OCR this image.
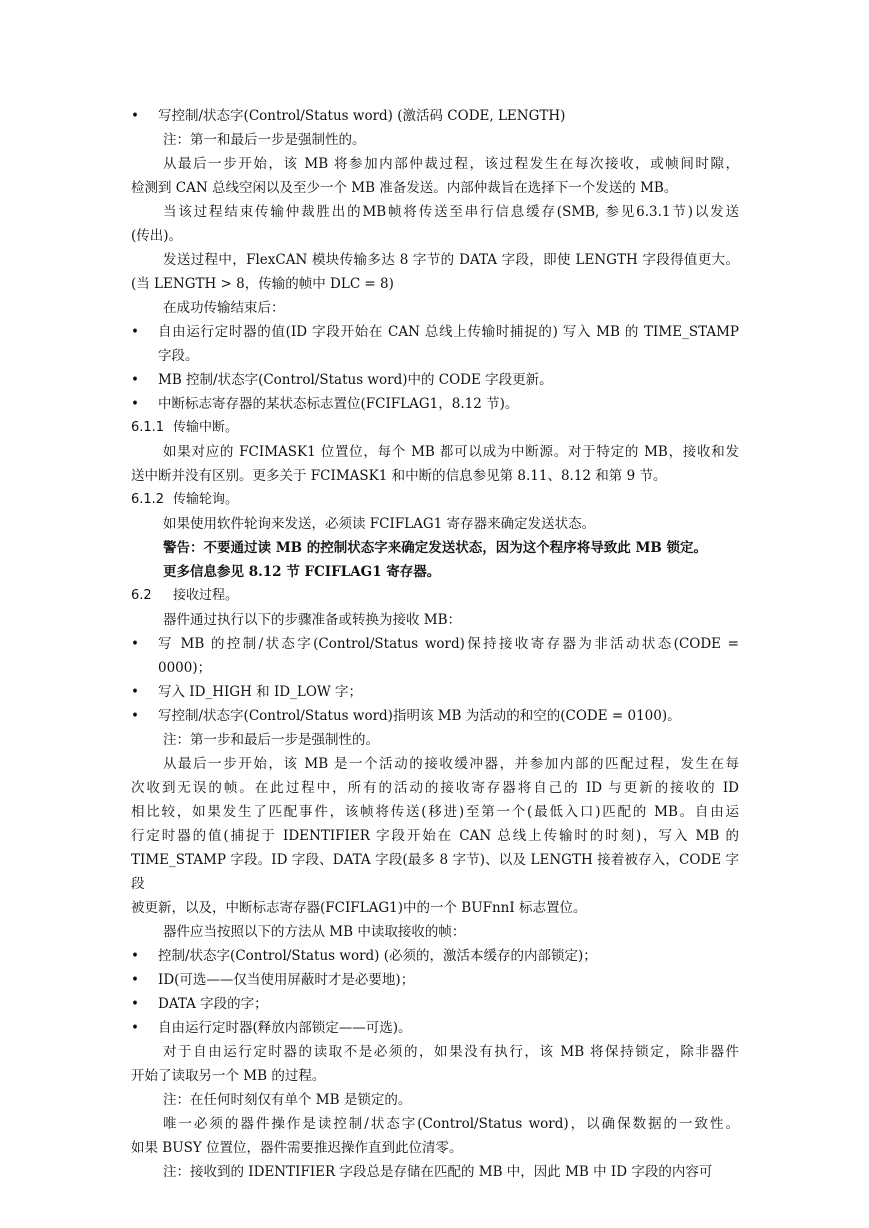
• 写控制/状态字(Control/Status word) (激活码 CODE, LENGTH)
注：第一和最后一步是强制性的。
从最后一步开始，该 MB 将参加内部仲裁过程，该过程发生在每次接收，或帧间时隙，
检测到 CAN 总线空闲以及至少一个 MB 准备发送。内部仲裁旨在选择下一个发送的 MB。
当该过程结束传输仲裁胜出的MB帧将传送至串行信息缓存(SMB, 参见6.3.1节)以发送
(传出)。
发送过程中，FlexCAN 模块传输多达 8 字节的 DATA 字段，即使 LENGTH 字段得值更大。
(当 LENGTH > 8，传输的帧中 DLC = 8)
在成功传输结束后：
• 自由运行定时器的值(ID 字段开始在 CAN 总线上传输时捕捉的) 写入 MB 的 TIME_STAMP
字段。
• MB 控制/状态字(Control/Status word)中的 CODE 字段更新。
• 中断标志寄存器的某状态标志置位(FCIFLAG1，8.12 节)。
6.1.1 传输中断。
如果对应的 FCIMASK1 位置位，每个 MB 都可以成为中断源。对于特定的 MB，接收和发
送中断并没有区别。更多关于 FCIMASK1 和中断的信息参见第 8.11、8.12 和第 9 节。
6.1.2 传输轮询。
如果使用软件轮询来发送，必须读 FCIFLAG1 寄存器来确定发送状态。
警告：不要通过读 MB 的控制状态字来确定发送状态，因为这个程序将导致此 MB 锁定。
更多信息参见 8.12 节 FCIFLAG1 寄存器。
6.2 接收过程。
器件通过执行以下的步骤准备或转换为接收 MB：
• 写 MB 的控制/状态字(Control/Status word)保持接收寄存器为非活动状态(CODE =
0000)；
• 写入 ID_HIGH 和 ID_LOW 字；
• 写控制/状态字(Control/Status word)指明该 MB 为活动的和空的(CODE = 0100)。
注：第一步和最后一步是强制性的。
从最后一步开始，该 MB 是一个活动的接收缓冲器，并参加内部的匹配过程，发生在每
次收到无误的帧。在此过程中，所有的活动的接收寄存器将自己的 ID 与更新的接收的 ID
相比较，如果发生了匹配事件，该帧将传送(移进)至第一个(最低入口)匹配的 MB。自由运
行定时器的值(捕捉于 IDENTIFIER 字段开始在 CAN 总线上传输时的时刻)，写入 MB 的
TIME_STAMP 字段。ID 字段、DATA 字段(最多 8 字节)、以及 LENGTH 接着被存入，CODE 字段
被更新，以及，中断标志寄存器(FCIFLAG1)中的一个 BUFnnI 标志置位。
器件应当按照以下的方法从 MB 中读取接收的帧：
• 控制/状态字(Control/Status word) (必须的，激活本缓存的内部锁定)；
• ID(可选——仅当使用屏蔽时才是必要地)；
• DATA 字段的字；
• 自由运行定时器(释放内部锁定——可选)。
对于自由运行定时器的读取不是必须的，如果没有执行，该 MB 将保持锁定，除非器件
开始了读取另一个 MB 的过程。
注：在任何时刻仅有单个 MB 是锁定的。
唯一必须的器件操作是读控制/状态字(Control/Status word)，以确保数据的一致性。
如果 BUSY 位置位，器件需要推迟操作直到此位清零。
注：接收到的 IDENTIFIER 字段总是存储在匹配的 MB 中，因此 MB 中 ID 字段的内容可
